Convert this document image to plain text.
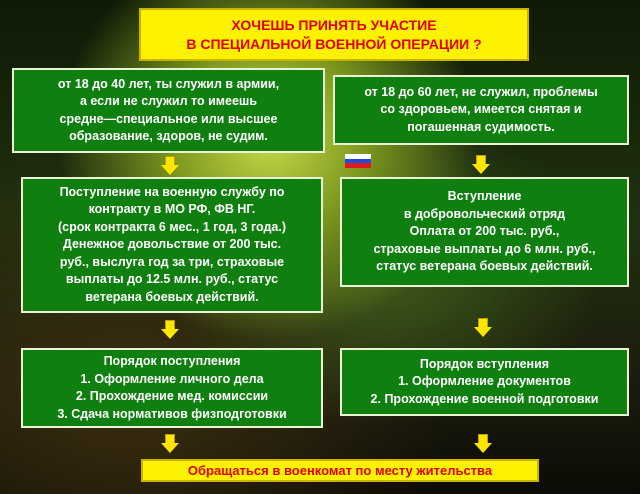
ХОЧЕШЬ ПРИНЯТЬ УЧАСТИЕ
В СПЕЦИАЛЬНОЙ ВОЕННОЙ ОПЕРАЦИИ ?
от 18 до 40 лет, ты служил в армии,
а если не служил то имеешь
средне—специальное или высшее
образование, здоров, не судим.
от 18 до 60 лет, не служил, проблемы
со здоровьем, имеется снятая и
погашенная судимость.
Поступление на военную службу по
контракту в МО РФ, ФВ НГ.
(срок контракта 6 мес., 1 год, 3 года.)
Денежное довольствие от 200 тыс.
руб., выслуга год за три, страховые
выплаты до 12.5 млн. руб., статус
ветерана боевых действий.
Вступление
в добровольческий отряд
Оплата от 200 тыс. руб.,
страховые выплаты до 6 млн. руб.,
статус ветерана боевых действий.
Порядок поступления
1. Оформление личного дела
2. Прохождение мед. комиссии
3. Сдача нормативов физподготовки
Порядок вступления
1. Оформление документов
2. Прохождение военной подготовки
Обращаться в военкомат по месту жительства
